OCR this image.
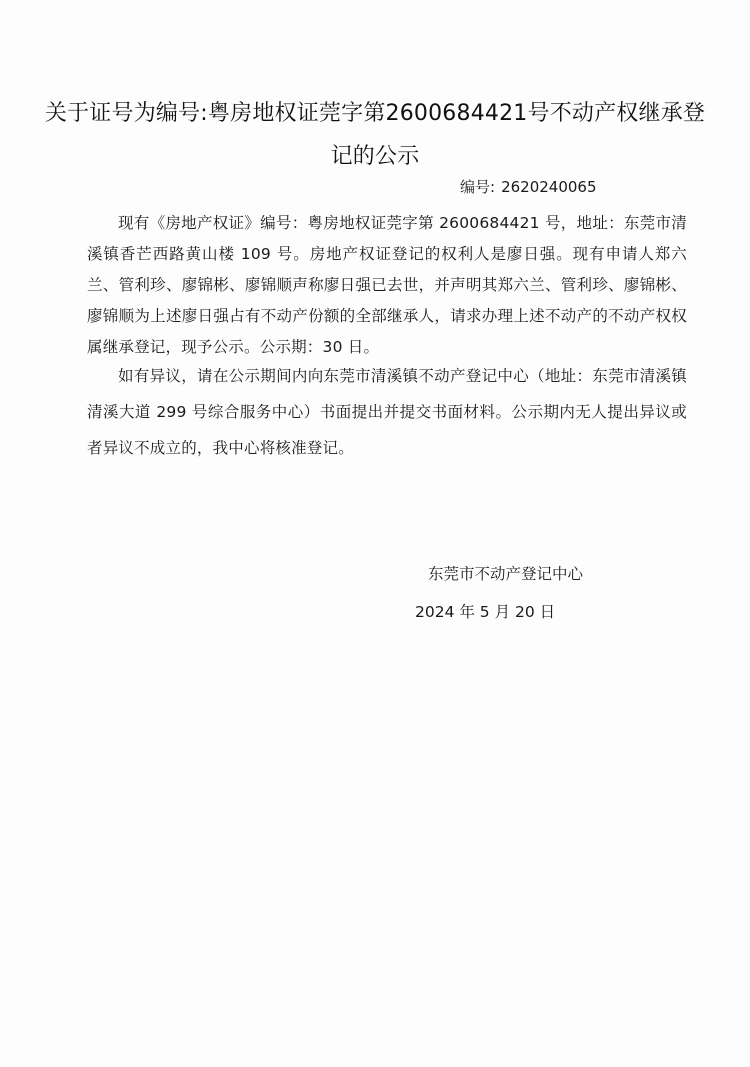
关于证号为编号:粤房地权证莞字第2600684421号不动产权继承登记的公示
编号: 2620240065
现有《房地产权证》编号：粤房地权证莞字第 2600684421 号，地址：东莞市清溪镇香芒西路黄山楼 109 号。房地产权证登记的权利人是廖日强。现有申请人郑六兰、管利珍、廖锦彬、廖锦顺声称廖日强已去世，并声明其郑六兰、管利珍、廖锦彬、廖锦顺为上述廖日强占有不动产份额的全部继承人，请求办理上述不动产的不动产权权属继承登记，现予公示。公示期：30 日。
如有异议，请在公示期间内向东莞市清溪镇不动产登记中心（地址：东莞市清溪镇清溪大道 299 号综合服务中心）书面提出并提交书面材料。公示期内无人提出异议或者异议不成立的，我中心将核准登记。
东莞市不动产登记中心
2024 年 5 月 20 日
